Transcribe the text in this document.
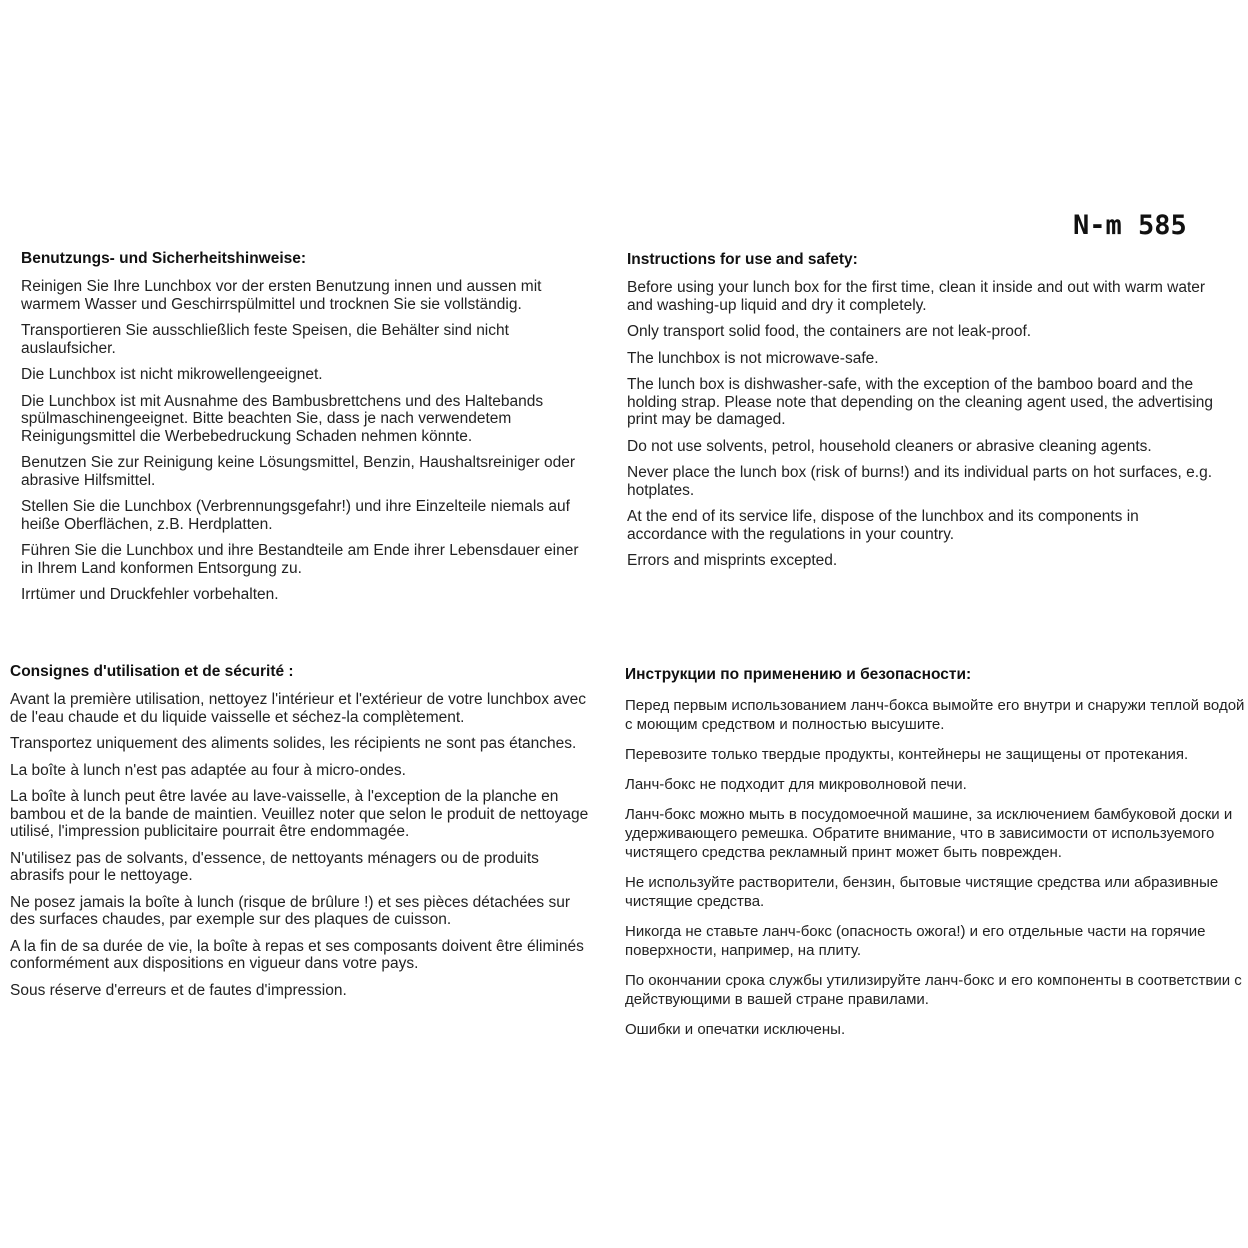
N-m 585
Benutzungs- und Sicherheitshinweise:

Reinigen Sie Ihre Lunchbox vor der ersten Benutzung innen und aussen mit warmem Wasser und Geschirrspülmittel und trocknen Sie sie vollständig.

Transportieren Sie ausschließlich feste Speisen, die Behälter sind nicht auslaufsicher.

Die Lunchbox ist nicht mikrowellengeeignet.

Die Lunchbox ist mit Ausnahme des Bambusbrettchens und des Haltebands spülmaschinengeeignet. Bitte beachten Sie, dass je nach verwendetem Reinigungsmittel die Werbebedruckung Schaden nehmen könnte.

Benutzen Sie zur Reinigung keine Lösungsmittel, Benzin, Haushaltsreiniger oder abrasive Hilfsmittel.

Stellen Sie die Lunchbox (Verbrennungsgefahr!) und ihre Einzelteile niemals auf heiße Oberflächen, z.B. Herdplatten.

Führen Sie die Lunchbox und ihre Bestandteile am Ende ihrer Lebensdauer einer in Ihrem Land konformen Entsorgung zu.

Irrtümer und Druckfehler vorbehalten.

Instructions for use and safety:

Before using your lunch box for the first time, clean it inside and out with warm water and washing-up liquid and dry it completely.

Only transport solid food, the containers are not leak-proof.

The lunchbox is not microwave-safe.

The lunch box is dishwasher-safe, with the exception of the bamboo board and the holding strap. Please note that depending on the cleaning agent used, the advertising print may be damaged.

Do not use solvents, petrol, household cleaners or abrasive cleaning agents.

Never place the lunch box (risk of burns!) and its individual parts on hot surfaces, e.g. hotplates.

At the end of its service life, dispose of the lunchbox and its components in accordance with the regulations in your country.

Errors and misprints excepted.

Consignes d'utilisation et de sécurité :

Avant la première utilisation, nettoyez l'intérieur et l'extérieur de votre lunchbox avec de l'eau chaude et du liquide vaisselle et séchez-la complètement.

Transportez uniquement des aliments solides, les récipients ne sont pas étanches.

La boîte à lunch n'est pas adaptée au four à micro-ondes.

La boîte à lunch peut être lavée au lave-vaisselle, à l'exception de la planche en bambou et de la bande de maintien. Veuillez noter que selon le produit de nettoyage utilisé, l'impression publicitaire pourrait être endommagée.

N'utilisez pas de solvants, d'essence, de nettoyants ménagers ou de produits abrasifs pour le nettoyage.

Ne posez jamais la boîte à lunch (risque de brûlure !) et ses pièces détachées sur des surfaces chaudes, par exemple sur des plaques de cuisson.

A la fin de sa durée de vie, la boîte à repas et ses composants doivent être éliminés conformément aux dispositions en vigueur dans votre pays.

Sous réserve d'erreurs et de fautes d'impression.

Инструкции по применению и безопасности:

Перед первым использованием ланч-бокса вымойте его внутри и снаружи теплой водой с моющим средством и полностью высушите.

Перевозите только твердые продукты, контейнеры не защищены от протекания.

Ланч-бокс не подходит для микроволновой печи.

Ланч-бокс можно мыть в посудомоечной машине, за исключением бамбуковой доски и удерживающего ремешка. Обратите внимание, что в зависимости от используемого чистящего средства рекламный принт может быть поврежден.

Не используйте растворители, бензин, бытовые чистящие средства или абразивные чистящие средства.

Никогда не ставьте ланч-бокс (опасность ожога!) и его отдельные части на горячие поверхности, например, на плиту.

По окончании срока службы утилизируйте ланч-бокс и его компоненты в соответствии с действующими в вашей стране правилами.

Ошибки и опечатки исключены.
